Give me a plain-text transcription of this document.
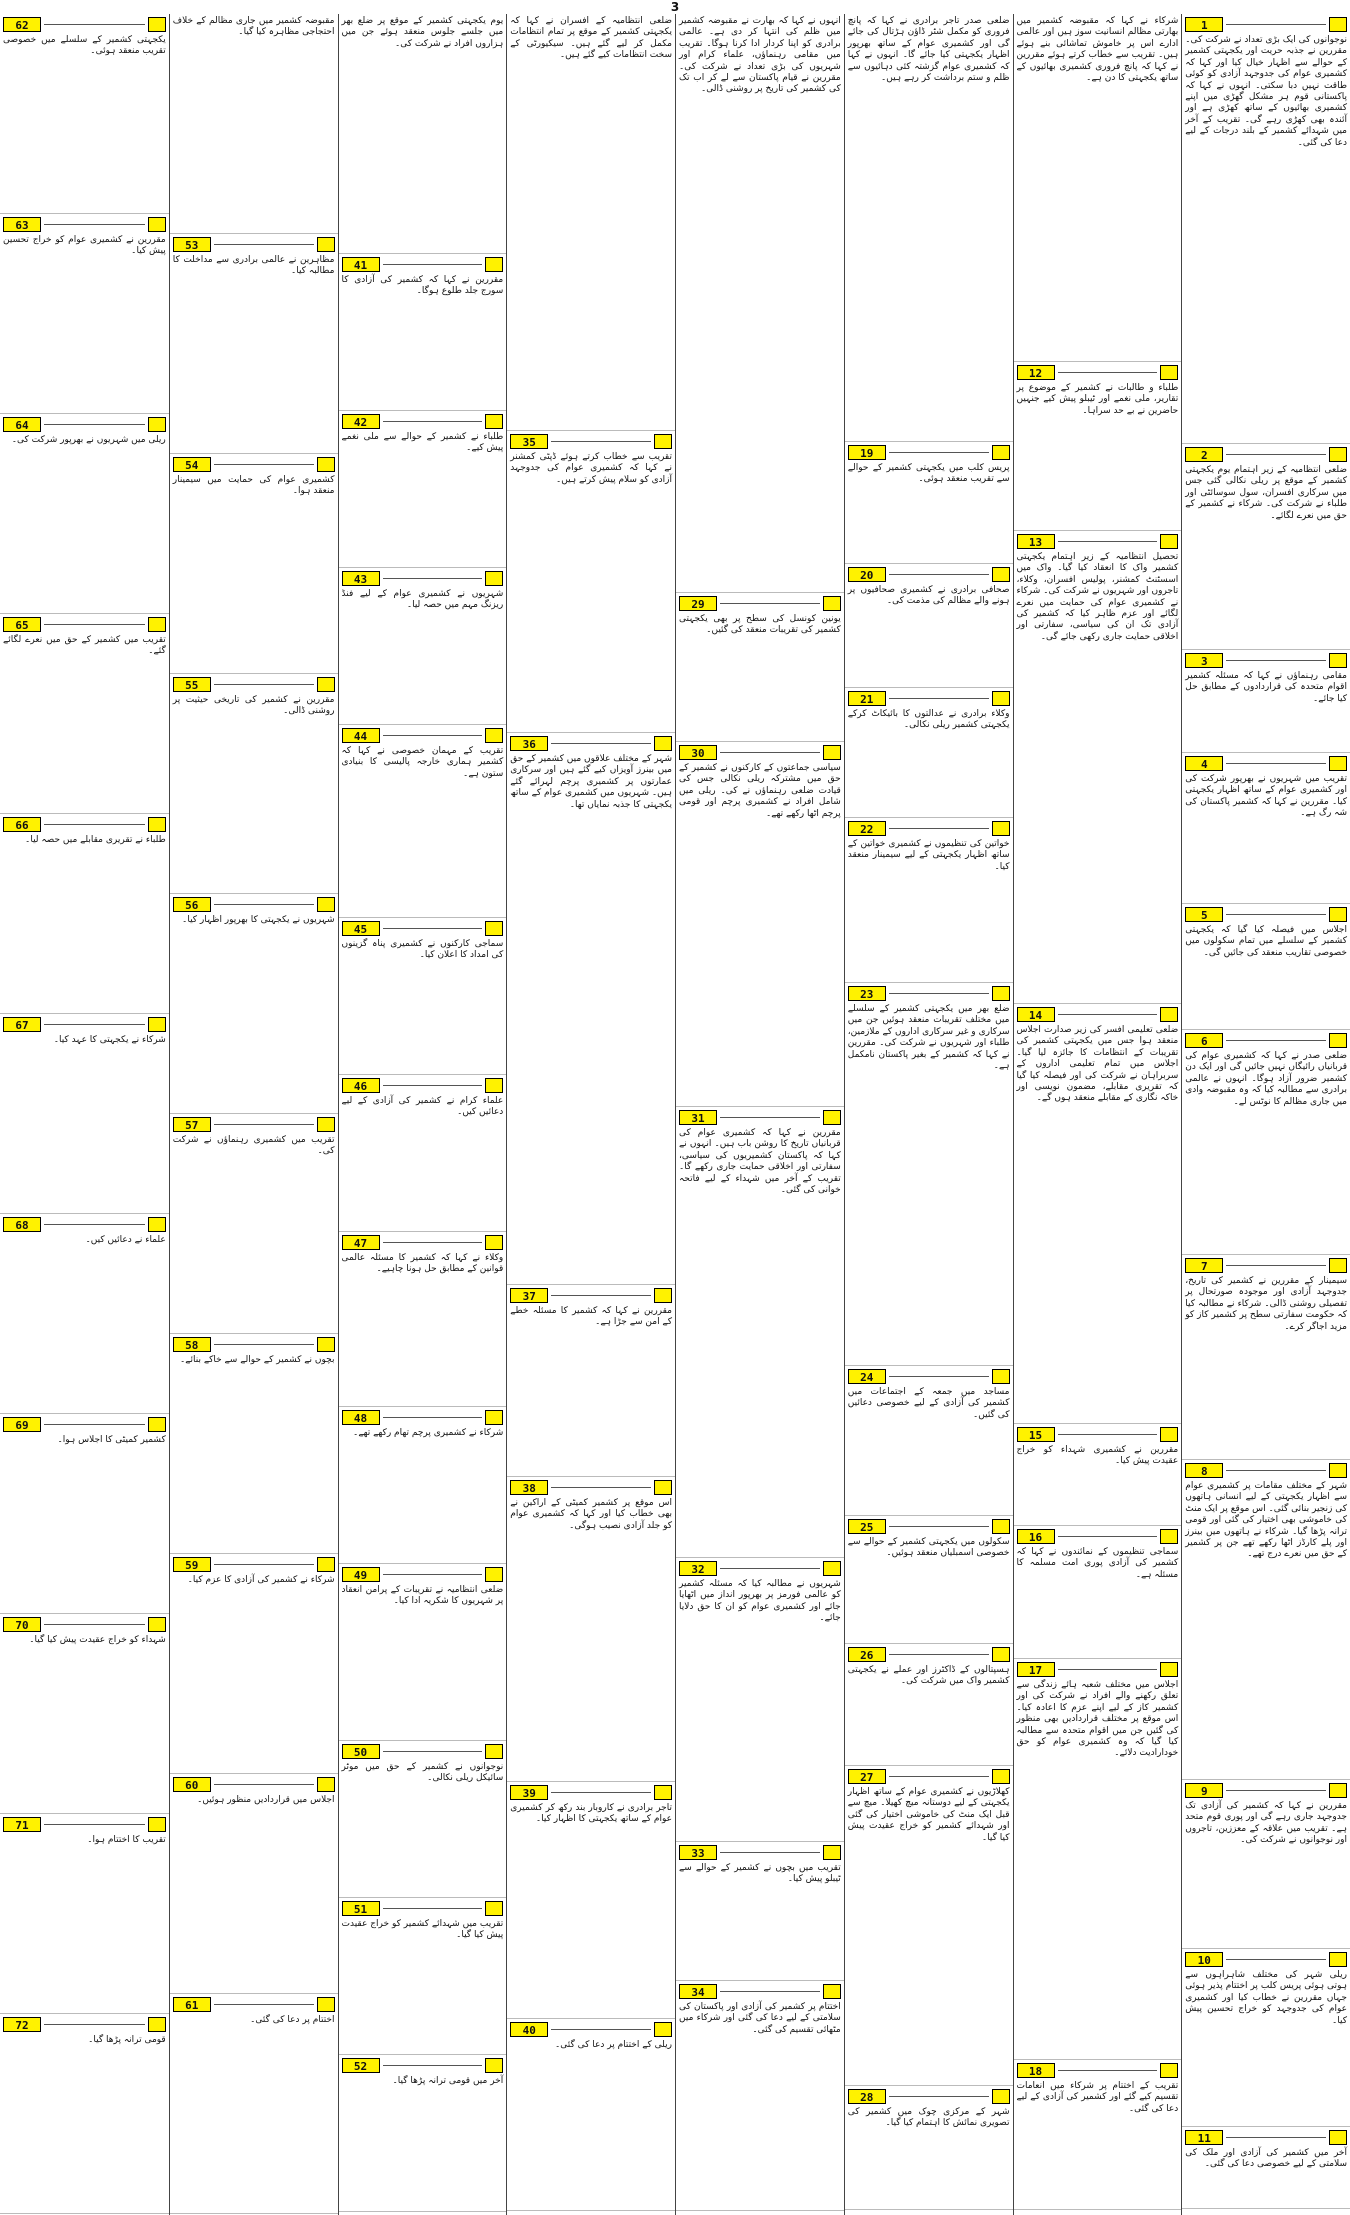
3
1

نوجوانوں کی ایک بڑی تعداد نے شرکت کی۔ مقررین نے جذبہ حریت اور یکجہتی کشمیر کے حوالے سے اظہار خیال کیا اور کہا کہ کشمیری عوام کی جدوجہد آزادی کو کوئی طاقت نہیں دبا سکتی۔ انہوں نے کہا کہ پاکستانی قوم ہر مشکل گھڑی میں اپنے کشمیری بھائیوں کے ساتھ کھڑی ہے اور آئندہ بھی کھڑی رہے گی۔ تقریب کے آخر میں شہدائے کشمیر کے بلند درجات کے لیے دعا کی گئی۔

2

ضلعی انتظامیہ کے زیر اہتمام یوم یکجہتی کشمیر کے موقع پر ریلی نکالی گئی جس میں سرکاری افسران، سول سوسائٹی اور طلباء نے شرکت کی۔ شرکاء نے کشمیر کے حق میں نعرے لگائے۔

3

مقامی رہنماؤں نے کہا کہ مسئلہ کشمیر اقوام متحدہ کی قراردادوں کے مطابق حل کیا جائے۔

4

تقریب میں شہریوں نے بھرپور شرکت کی اور کشمیری عوام کے ساتھ اظہار یکجہتی کیا۔ مقررین نے کہا کہ کشمیر پاکستان کی شہ رگ ہے۔

5

اجلاس میں فیصلہ کیا گیا کہ یکجہتی کشمیر کے سلسلے میں تمام سکولوں میں خصوصی تقاریب منعقد کی جائیں گی۔

6

ضلعی صدر نے کہا کہ کشمیری عوام کی قربانیاں رائیگاں نہیں جائیں گی اور ایک دن کشمیر ضرور آزاد ہوگا۔ انہوں نے عالمی برادری سے مطالبہ کیا کہ وہ مقبوضہ وادی میں جاری مظالم کا نوٹس لے۔

7

سیمینار کے مقررین نے کشمیر کی تاریخ، جدوجہد آزادی اور موجودہ صورتحال پر تفصیلی روشنی ڈالی۔ شرکاء نے مطالبہ کیا کہ حکومت سفارتی سطح پر کشمیر کاز کو مزید اجاگر کرے۔

8

شہر کے مختلف مقامات پر کشمیری عوام سے اظہار یکجہتی کے لیے انسانی ہاتھوں کی زنجیر بنائی گئی۔ اس موقع پر ایک منٹ کی خاموشی بھی اختیار کی گئی اور قومی ترانہ پڑھا گیا۔ شرکاء نے ہاتھوں میں بینرز اور پلے کارڈز اٹھا رکھے تھے جن پر کشمیر کے حق میں نعرے درج تھے۔

9

مقررین نے کہا کہ کشمیر کی آزادی تک جدوجہد جاری رہے گی اور پوری قوم متحد ہے۔ تقریب میں علاقہ کے معززین، تاجروں اور نوجوانوں نے شرکت کی۔

10

ریلی شہر کی مختلف شاہراہوں سے ہوتی ہوئی پریس کلب پر اختتام پذیر ہوئی جہاں مقررین نے خطاب کیا اور کشمیری عوام کی جدوجہد کو خراج تحسین پیش کیا۔

11

آخر میں کشمیر کی آزادی اور ملک کی سلامتی کے لیے خصوصی دعا کی گئی۔

شرکاء نے کہا کہ مقبوضہ کشمیر میں بھارتی مظالم انسانیت سوز ہیں اور عالمی ادارے اس پر خاموش تماشائی بنے ہوئے ہیں۔ تقریب سے خطاب کرتے ہوئے مقررین نے کہا کہ پانچ فروری کشمیری بھائیوں کے ساتھ یکجہتی کا دن ہے۔

12

طلباء و طالبات نے کشمیر کے موضوع پر تقاریر، ملی نغمے اور ٹیبلو پیش کیے جنہیں حاضرین نے بے حد سراہا۔

13

تحصیل انتظامیہ کے زیر اہتمام یکجہتی کشمیر واک کا انعقاد کیا گیا۔ واک میں اسسٹنٹ کمشنر، پولیس افسران، وکلاء، تاجروں اور شہریوں نے شرکت کی۔ شرکاء نے کشمیری عوام کی حمایت میں نعرے لگائے اور عزم ظاہر کیا کہ کشمیر کی آزادی تک ان کی سیاسی، سفارتی اور اخلاقی حمایت جاری رکھی جائے گی۔

14

ضلعی تعلیمی افسر کی زیر صدارت اجلاس منعقد ہوا جس میں یکجہتی کشمیر کی تقریبات کے انتظامات کا جائزہ لیا گیا۔ اجلاس میں تمام تعلیمی اداروں کے سربراہان نے شرکت کی اور فیصلہ کیا گیا کہ تقریری مقابلے، مضمون نویسی اور خاکہ نگاری کے مقابلے منعقد ہوں گے۔

15

مقررین نے کشمیری شہداء کو خراج عقیدت پیش کیا۔

16

سماجی تنظیموں کے نمائندوں نے کہا کہ کشمیر کی آزادی پوری امت مسلمہ کا مسئلہ ہے۔

17

اجلاس میں مختلف شعبہ ہائے زندگی سے تعلق رکھنے والے افراد نے شرکت کی اور کشمیر کاز کے لیے اپنے عزم کا اعادہ کیا۔ اس موقع پر مختلف قراردادیں بھی منظور کی گئیں جن میں اقوام متحدہ سے مطالبہ کیا گیا کہ وہ کشمیری عوام کو حق خودارادیت دلائے۔

18

تقریب کے اختتام پر شرکاء میں انعامات تقسیم کیے گئے اور کشمیر کی آزادی کے لیے دعا کی گئی۔

ضلعی صدر تاجر برادری نے کہا کہ پانچ فروری کو مکمل شٹر ڈاؤن ہڑتال کی جائے گی اور کشمیری عوام کے ساتھ بھرپور اظہار یکجہتی کیا جائے گا۔ انہوں نے کہا کہ کشمیری عوام گزشتہ کئی دہائیوں سے ظلم و ستم برداشت کر رہے ہیں۔

19

پریس کلب میں یکجہتی کشمیر کے حوالے سے تقریب منعقد ہوئی۔

20

صحافی برادری نے کشمیری صحافیوں پر ہونے والے مظالم کی مذمت کی۔

21

وکلاء برادری نے عدالتوں کا بائیکاٹ کرکے یکجہتی کشمیر ریلی نکالی۔

22

خواتین کی تنظیموں نے کشمیری خواتین کے ساتھ اظہار یکجہتی کے لیے سیمینار منعقد کیا۔

23

ضلع بھر میں یکجہتی کشمیر کے سلسلے میں مختلف تقریبات منعقد ہوئیں جن میں سرکاری و غیر سرکاری اداروں کے ملازمین، طلباء اور شہریوں نے شرکت کی۔ مقررین نے کہا کہ کشمیر کے بغیر پاکستان نامکمل ہے۔

24

مساجد میں جمعہ کے اجتماعات میں کشمیر کی آزادی کے لیے خصوصی دعائیں کی گئیں۔

25

سکولوں میں یکجہتی کشمیر کے حوالے سے خصوصی اسمبلیاں منعقد ہوئیں۔

26

ہسپتالوں کے ڈاکٹرز اور عملے نے یکجہتی کشمیر واک میں شرکت کی۔

27

کھلاڑیوں نے کشمیری عوام کے ساتھ اظہار یکجہتی کے لیے دوستانہ میچ کھیلا۔ میچ سے قبل ایک منٹ کی خاموشی اختیار کی گئی اور شہدائے کشمیر کو خراج عقیدت پیش کیا گیا۔

28

شہر کے مرکزی چوک میں کشمیر کی تصویری نمائش کا اہتمام کیا گیا۔

انہوں نے کہا کہ بھارت نے مقبوضہ کشمیر میں ظلم کی انتہا کر دی ہے۔ عالمی برادری کو اپنا کردار ادا کرنا ہوگا۔ تقریب میں مقامی رہنماؤں، علماء کرام اور شہریوں کی بڑی تعداد نے شرکت کی۔ مقررین نے قیام پاکستان سے لے کر اب تک کی کشمیر کی تاریخ پر روشنی ڈالی۔

29

یونین کونسل کی سطح پر بھی یکجہتی کشمیر کی تقریبات منعقد کی گئیں۔

30

سیاسی جماعتوں کے کارکنوں نے کشمیر کے حق میں مشترکہ ریلی نکالی جس کی قیادت ضلعی رہنماؤں نے کی۔ ریلی میں شامل افراد نے کشمیری پرچم اور قومی پرچم اٹھا رکھے تھے۔

31

مقررین نے کہا کہ کشمیری عوام کی قربانیاں تاریخ کا روشن باب ہیں۔ انہوں نے کہا کہ پاکستان کشمیریوں کی سیاسی، سفارتی اور اخلاقی حمایت جاری رکھے گا۔ تقریب کے آخر میں شہداء کے لیے فاتحہ خوانی کی گئی۔

32

شہریوں نے مطالبہ کیا کہ مسئلہ کشمیر کو عالمی فورمز پر بھرپور انداز میں اٹھایا جائے اور کشمیری عوام کو ان کا حق دلایا جائے۔

33

تقریب میں بچوں نے کشمیر کے حوالے سے ٹیبلو پیش کیا۔

34

اختتام پر کشمیر کی آزادی اور پاکستان کی سلامتی کے لیے دعا کی گئی اور شرکاء میں مٹھائی تقسیم کی گئی۔

ضلعی انتظامیہ کے افسران نے کہا کہ یکجہتی کشمیر کے موقع پر تمام انتظامات مکمل کر لیے گئے ہیں۔ سیکیورٹی کے سخت انتظامات کیے گئے ہیں۔

35

تقریب سے خطاب کرتے ہوئے ڈپٹی کمشنر نے کہا کہ کشمیری عوام کی جدوجہد آزادی کو سلام پیش کرتے ہیں۔

36

شہر کے مختلف علاقوں میں کشمیر کے حق میں بینرز آویزاں کیے گئے ہیں اور سرکاری عمارتوں پر کشمیری پرچم لہرائے گئے ہیں۔ شہریوں میں کشمیری عوام کے ساتھ یکجہتی کا جذبہ نمایاں تھا۔

37

مقررین نے کہا کہ کشمیر کا مسئلہ خطے کے امن سے جڑا ہے۔

38

اس موقع پر کشمیر کمیٹی کے اراکین نے بھی خطاب کیا اور کہا کہ کشمیری عوام کو جلد آزادی نصیب ہوگی۔

39

تاجر برادری نے کاروبار بند رکھ کر کشمیری عوام کے ساتھ یکجہتی کا اظہار کیا۔

40

ریلی کے اختتام پر دعا کی گئی۔

یوم یکجہتی کشمیر کے موقع پر ضلع بھر میں جلسے جلوس منعقد ہوئے جن میں ہزاروں افراد نے شرکت کی۔

41

مقررین نے کہا کہ کشمیر کی آزادی کا سورج جلد طلوع ہوگا۔

42

طلباء نے کشمیر کے حوالے سے ملی نغمے پیش کیے۔

43

شہریوں نے کشمیری عوام کے لیے فنڈ ریزنگ مہم میں حصہ لیا۔

44

تقریب کے مہمان خصوصی نے کہا کہ کشمیر ہماری خارجہ پالیسی کا بنیادی ستون ہے۔

45

سماجی کارکنوں نے کشمیری پناہ گزینوں کی امداد کا اعلان کیا۔

46

علماء کرام نے کشمیر کی آزادی کے لیے دعائیں کیں۔

47

وکلاء نے کہا کہ کشمیر کا مسئلہ عالمی قوانین کے مطابق حل ہونا چاہیے۔

48

شرکاء نے کشمیری پرچم تھام رکھے تھے۔

49

ضلعی انتظامیہ نے تقریبات کے پرامن انعقاد پر شہریوں کا شکریہ ادا کیا۔

50

نوجوانوں نے کشمیر کے حق میں موٹر سائیکل ریلی نکالی۔

51

تقریب میں شہدائے کشمیر کو خراج عقیدت پیش کیا گیا۔

52

آخر میں قومی ترانہ پڑھا گیا۔

مقبوضہ کشمیر میں جاری مظالم کے خلاف احتجاجی مظاہرہ کیا گیا۔

53

مظاہرین نے عالمی برادری سے مداخلت کا مطالبہ کیا۔

54

کشمیری عوام کی حمایت میں سیمینار منعقد ہوا۔

55

مقررین نے کشمیر کی تاریخی حیثیت پر روشنی ڈالی۔

56

شہریوں نے یکجہتی کا بھرپور اظہار کیا۔

57

تقریب میں کشمیری رہنماؤں نے شرکت کی۔

58

بچوں نے کشمیر کے حوالے سے خاکے بنائے۔

59

شرکاء نے کشمیر کی آزادی کا عزم کیا۔

60

اجلاس میں قراردادیں منظور ہوئیں۔

61

اختتام پر دعا کی گئی۔

62

یکجہتی کشمیر کے سلسلے میں خصوصی تقریب منعقد ہوئی۔

63

مقررین نے کشمیری عوام کو خراج تحسین پیش کیا۔

64

ریلی میں شہریوں نے بھرپور شرکت کی۔

65

تقریب میں کشمیر کے حق میں نعرے لگائے گئے۔

66

طلباء نے تقریری مقابلے میں حصہ لیا۔

67

شرکاء نے یکجہتی کا عہد کیا۔

68

علماء نے دعائیں کیں۔

69

کشمیر کمیٹی کا اجلاس ہوا۔

70

شہداء کو خراج عقیدت پیش کیا گیا۔

71

تقریب کا اختتام ہوا۔

72

قومی ترانہ پڑھا گیا۔
